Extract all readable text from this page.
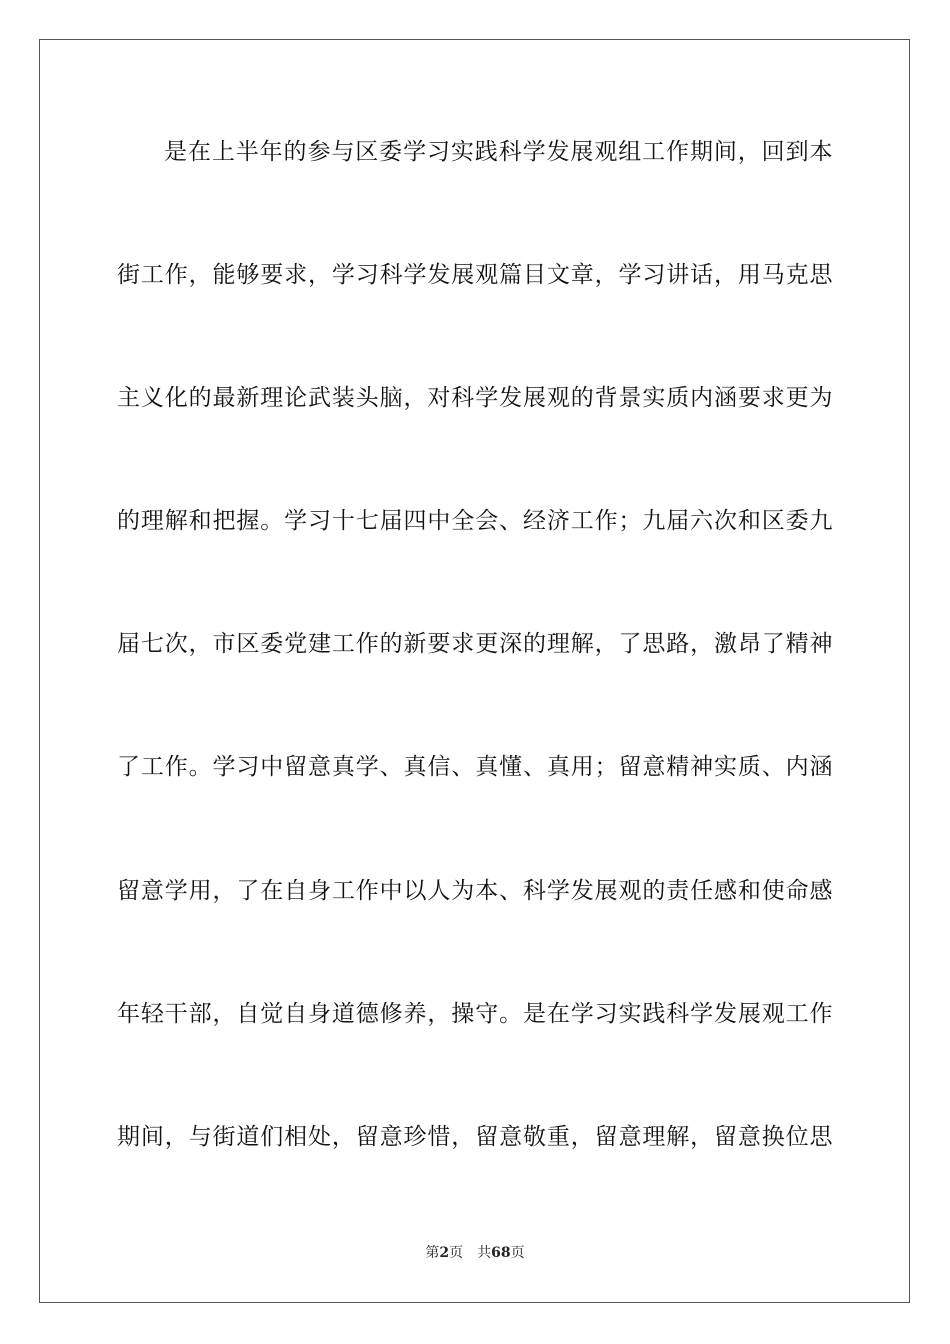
是在上半年的参与区委学习实践科学发展观组工作期间，回到本
街工作，能够要求，学习科学发展观篇目文章，学习讲话，用马克思
主义化的最新理论武装头脑，对科学发展观的背景实质内涵要求更为
的理解和把握。学习十七届四中全会、经济工作；九届六次和区委九
届七次，市区委党建工作的新要求更深的理解，了思路，激昂了精神
了工作。学习中留意真学、真信、真懂、真用；留意精神实质、内涵
留意学用，了在自身工作中以人为本、科学发展观的责任感和使命感
年轻干部，自觉自身道德修养，操守。是在学习实践科学发展观工作
期间，与街道们相处，留意珍惜，留意敬重，留意理解，留意换位思
第2页 共68页
